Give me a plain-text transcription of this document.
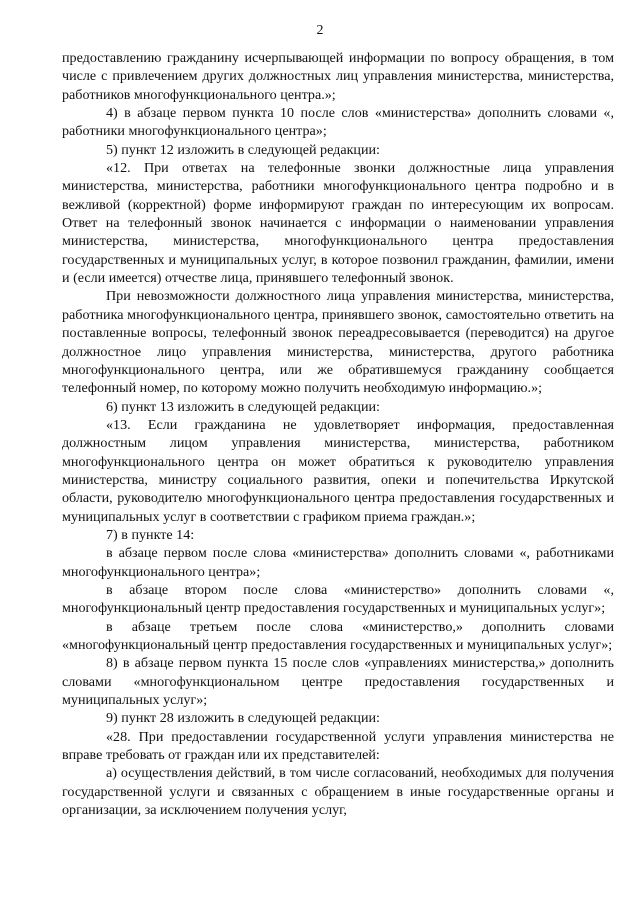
2

предоставлению гражданину исчерпывающей информации по вопросу обращения, в том числе с привлечением других должностных лиц управления министерства, министерства, работников многофункционального центра.»;

4) в абзаце первом пункта 10 после слов «министерства» дополнить словами «, работники многофункционального центра»;

5) пункт 12 изложить в следующей редакции:

«12. При ответах на телефонные звонки должностные лица управления министерства, министерства, работники многофункционального центра подробно и в вежливой (корректной) форме информируют граждан по интересующим их вопросам. Ответ на телефонный звонок начинается с информации о наименовании управления министерства, министерства, многофункционального центра предоставления государственных и муниципальных услуг, в которое позвонил гражданин, фамилии, имени и (если имеется) отчестве лица, принявшего телефонный звонок.

При невозможности должностного лица управления министерства, министерства, работника многофункционального центра, принявшего звонок, самостоятельно ответить на поставленные вопросы, телефонный звонок переадресовывается (переводится) на другое должностное лицо управления министерства, министерства, другого работника многофункционального центра, или же обратившемуся гражданину сообщается телефонный номер, по которому можно получить необходимую информацию.»;

6) пункт 13 изложить в следующей редакции:

«13. Если гражданина не удовлетворяет информация, предоставленная должностным лицом управления министерства, министерства, работником многофункционального центра он может обратиться к руководителю управления министерства, министру социального развития, опеки и попечительства Иркутской области, руководителю многофункционального центра предоставления государственных и муниципальных услуг в соответствии с графиком приема граждан.»;

7) в пункте 14:

в абзаце первом после слова «министерства» дополнить словами «, работниками многофункционального центра»;

в абзаце втором после слова «министерство» дополнить словами «, многофункциональный центр предоставления государственных и муниципальных услуг»;

в абзаце третьем после слова «министерство,» дополнить словами «многофункциональный центр предоставления государственных и муниципальных услуг»;

8) в абзаце первом пункта 15 после слов «управлениях министерства,» дополнить словами «многофункциональном центре предоставления государственных и муниципальных услуг»;

9) пункт 28 изложить в следующей редакции:

«28. При предоставлении государственной услуги управления министерства не вправе требовать от граждан или их представителей:

а) осуществления действий, в том числе согласований, необходимых для получения государственной услуги и связанных с обращением в иные государственные органы и организации, за исключением получения услуг,
